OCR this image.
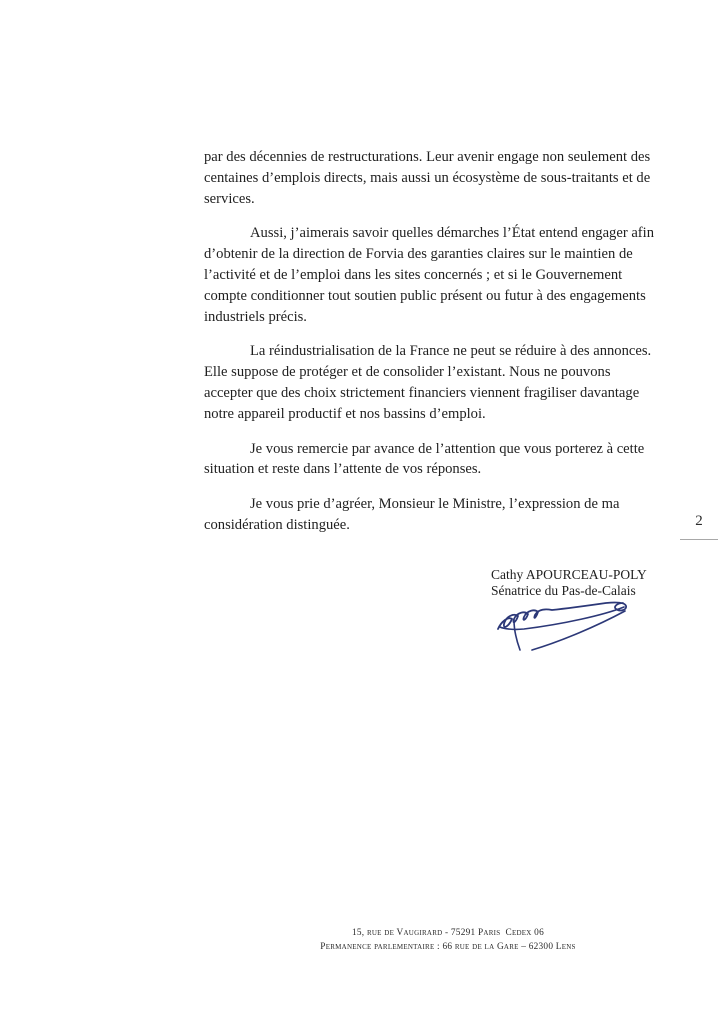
par des décennies de restructurations. Leur avenir engage non seulement des centaines d’emplois directs, mais aussi un écosystème de sous-traitants et de services.

Aussi, j’aimerais savoir quelles démarches l’État entend engager afin d’obtenir de la direction de Forvia des garanties claires sur le maintien de l’activité et de l’emploi dans les sites concernés ; et si le Gouvernement compte conditionner tout soutien public présent ou futur à des engagements industriels précis.

La réindustrialisation de la France ne peut se réduire à des annonces. Elle suppose de protéger et de consolider l’existant. Nous ne pouvons accepter que des choix strictement financiers viennent fragiliser davantage notre appareil productif et nos bassins d’emploi.

Je vous remercie par avance de l’attention que vous porterez à cette situation et reste dans l’attente de vos réponses.

Je vous prie d’agréer, Monsieur le Ministre, l’expression de ma considération distinguée.	2
Cathy APOURCEAU-POLY
Sénatrice du Pas-de-Calais
15, rue de Vaugirard - 75291 Paris  Cedex 06
Permanence parlementaire : 66 rue de la Gare – 62300 Lens
